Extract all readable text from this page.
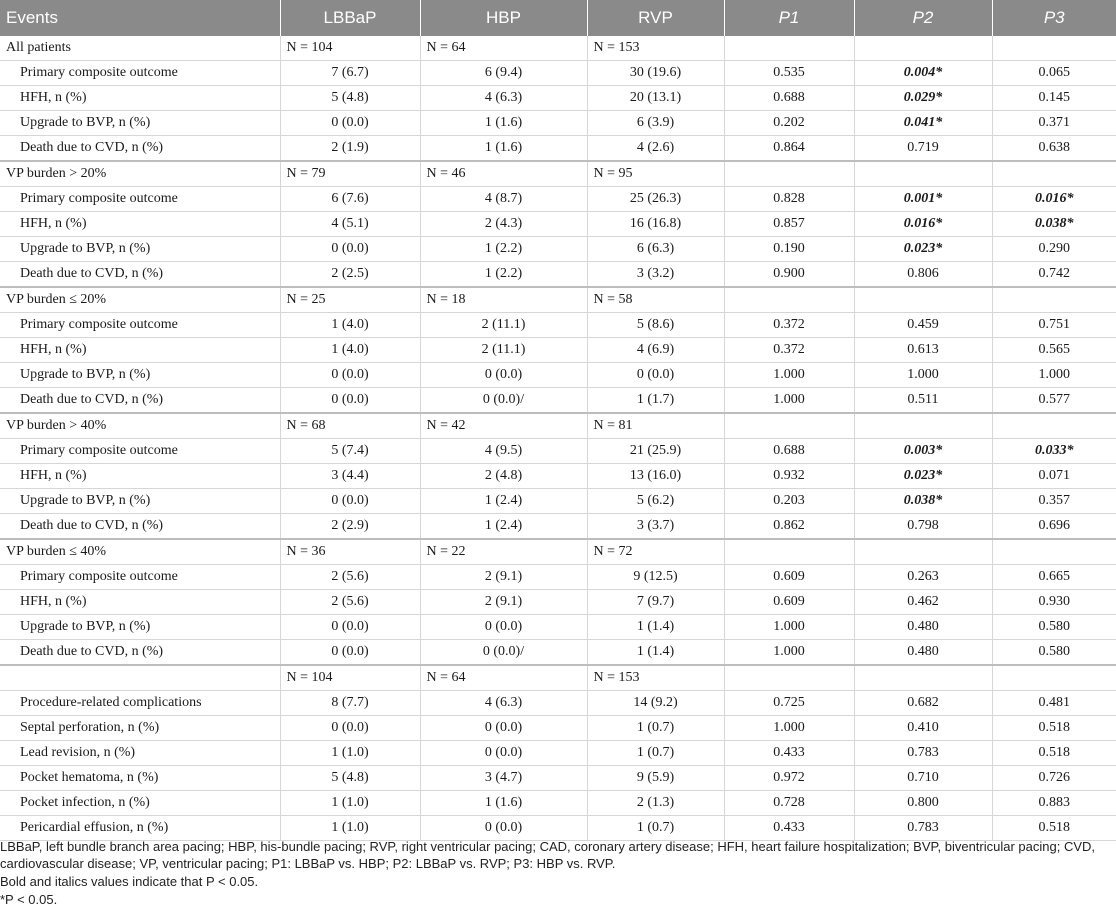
Events	LBBaP	HBP	RVP	P1	P2	P3
All patients	N = 104	N = 64	N = 153			
Primary composite outcome	7 (6.7)	6 (9.4)	30 (19.6)	0.535	0.004*	0.065
HFH, n (%)	5 (4.8)	4 (6.3)	20 (13.1)	0.688	0.029*	0.145
Upgrade to BVP, n (%)	0 (0.0)	1 (1.6)	6 (3.9)	0.202	0.041*	0.371
Death due to CVD, n (%)	2 (1.9)	1 (1.6)	4 (2.6)	0.864	0.719	0.638
VP burden > 20%	N = 79	N = 46	N = 95			
Primary composite outcome	6 (7.6)	4 (8.7)	25 (26.3)	0.828	0.001*	0.016*
HFH, n (%)	4 (5.1)	2 (4.3)	16 (16.8)	0.857	0.016*	0.038*
Upgrade to BVP, n (%)	0 (0.0)	1 (2.2)	6 (6.3)	0.190	0.023*	0.290
Death due to CVD, n (%)	2 (2.5)	1 (2.2)	3 (3.2)	0.900	0.806	0.742
VP burden ≤ 20%	N = 25	N = 18	N = 58			
Primary composite outcome	1 (4.0)	2 (11.1)	5 (8.6)	0.372	0.459	0.751
HFH, n (%)	1 (4.0)	2 (11.1)	4 (6.9)	0.372	0.613	0.565
Upgrade to BVP, n (%)	0 (0.0)	0 (0.0)	0 (0.0)	1.000	1.000	1.000
Death due to CVD, n (%)	0 (0.0)	0 (0.0)/	1 (1.7)	1.000	0.511	0.577
VP burden > 40%	N = 68	N = 42	N = 81			
Primary composite outcome	5 (7.4)	4 (9.5)	21 (25.9)	0.688	0.003*	0.033*
HFH, n (%)	3 (4.4)	2 (4.8)	13 (16.0)	0.932	0.023*	0.071
Upgrade to BVP, n (%)	0 (0.0)	1 (2.4)	5 (6.2)	0.203	0.038*	0.357
Death due to CVD, n (%)	2 (2.9)	1 (2.4)	3 (3.7)	0.862	0.798	0.696
VP burden ≤ 40%	N = 36	N = 22	N = 72			
Primary composite outcome	2 (5.6)	2 (9.1)	9 (12.5)	0.609	0.263	0.665
HFH, n (%)	2 (5.6)	2 (9.1)	7 (9.7)	0.609	0.462	0.930
Upgrade to BVP, n (%)	0 (0.0)	0 (0.0)	1 (1.4)	1.000	0.480	0.580
Death due to CVD, n (%)	0 (0.0)	0 (0.0)/	1 (1.4)	1.000	0.480	0.580
	N = 104	N = 64	N = 153			
Procedure-related complications	8 (7.7)	4 (6.3)	14 (9.2)	0.725	0.682	0.481
Septal perforation, n (%)	0 (0.0)	0 (0.0)	1 (0.7)	1.000	0.410	0.518
Lead revision, n (%)	1 (1.0)	0 (0.0)	1 (0.7)	0.433	0.783	0.518
Pocket hematoma, n (%)	5 (4.8)	3 (4.7)	9 (5.9)	0.972	0.710	0.726
Pocket infection, n (%)	1 (1.0)	1 (1.6)	2 (1.3)	0.728	0.800	0.883
Pericardial effusion, n (%)	1 (1.0)	0 (0.0)	1 (0.7)	0.433	0.783	0.518

LBBaP, left bundle branch area pacing; HBP, his-bundle pacing; RVP, right ventricular pacing; CAD, coronary artery disease; HFH, heart failure hospitalization; BVP, biventricular pacing; CVD, cardiovascular disease; VP, ventricular pacing; P1: LBBaP vs. HBP; P2: LBBaP vs. RVP; P3: HBP vs. RVP.

Bold and italics values indicate that P < 0.05.

*P < 0.05.
